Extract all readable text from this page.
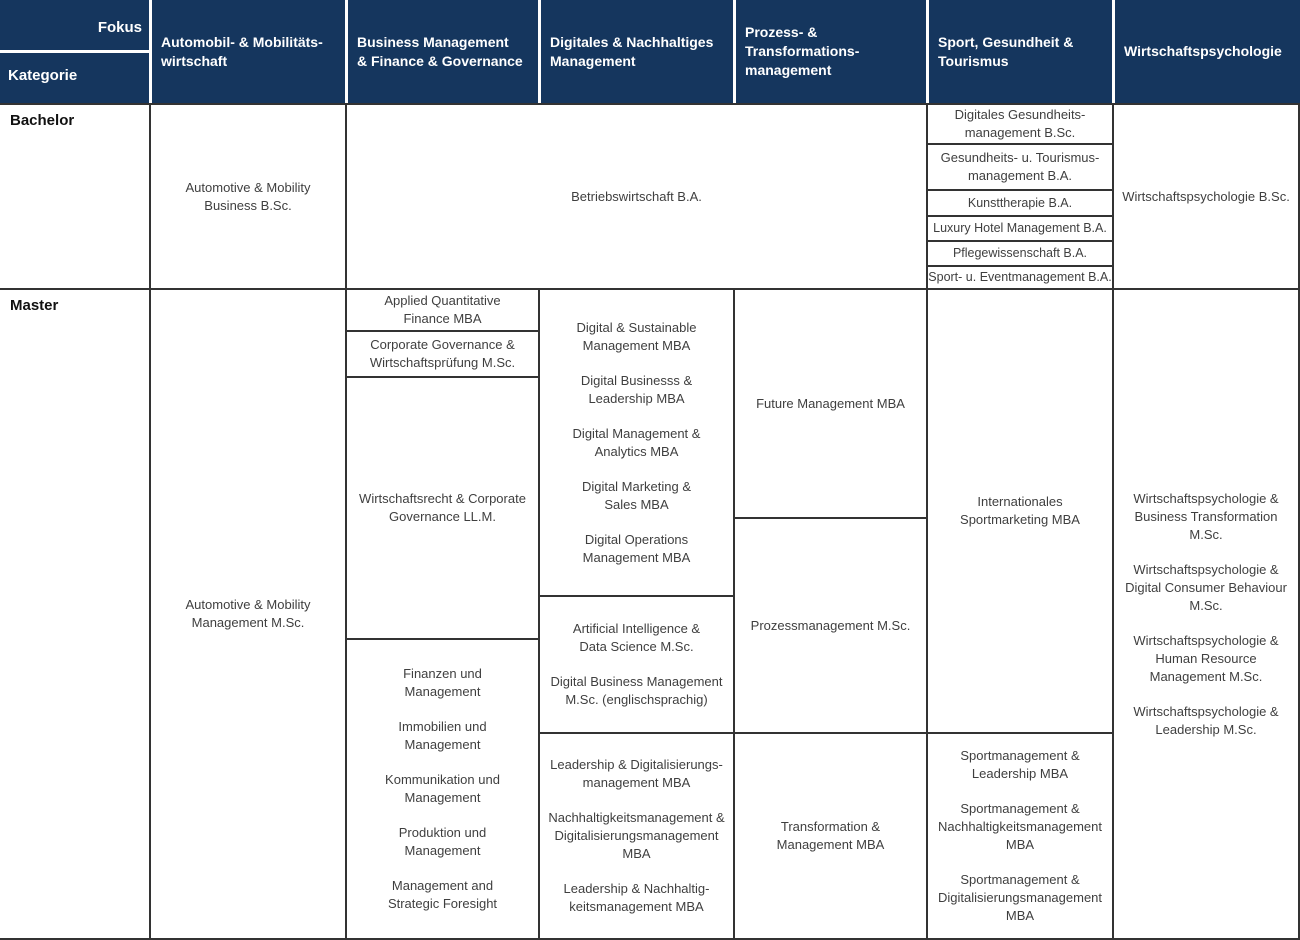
Fokus

Kategorie

Automobil- & Mobilitäts-
wirtschaft
Business Management
& Finance & Governance
Digitales & Nachhaltiges
Management
Prozess- &
Transformations-
management
Sport, Gesundheit &
Tourismus
Wirtschaftspsychologie
Bachelor
Automotive & Mobility
Business B.Sc.
Betriebswirtschaft B.A.
Digitales Gesundheits-
management B.Sc.
Gesundheits- u. Tourismus-
management B.A.
Kunsttherapie B.A.
Luxury Hotel Management B.A.
Pflegewissenschaft B.A.
Sport- u. Eventmanagement B.A.
Wirtschaftspsychologie B.Sc.
Master
Automotive & Mobility
Management M.Sc.
Applied Quantitative
Finance MBA
Corporate Governance &
Wirtschaftsprüfung M.Sc.
Wirtschaftsrecht & Corporate
Governance LL.M.
Finanzen und
Management
Immobilien und
Management
Kommunikation und
Management
Produktion und
Management
Management and
Strategic Foresight
Digital & Sustainable
Management MBA
Digital Businesss &
Leadership MBA
Digital Management &
Analytics MBA
Digital Marketing &
Sales MBA
Digital Operations
Management MBA
Artificial Intelligence &
Data Science M.Sc.
Digital Business Management
M.Sc. (englischsprachig)
Leadership & Digitalisierungs-
management MBA
Nachhaltigkeitsmanagement &
Digitalisierungsmanagement
MBA
Leadership & Nachhaltig-
keitsmanagement MBA
Future Management MBA
Prozessmanagement M.Sc.
Transformation &
Management MBA
Internationales
Sportmarketing MBA
Sportmanagement &
Leadership MBA
Sportmanagement &
Nachhaltigkeitsmanagement
MBA
Sportmanagement &
Digitalisierungsmanagement
MBA
Wirtschaftspsychologie &
Business Transformation
M.Sc.
Wirtschaftspsychologie &
Digital Consumer Behaviour
M.Sc.
Wirtschaftspsychologie &
Human Resource
Management M.Sc.
Wirtschaftspsychologie &
Leadership M.Sc.
